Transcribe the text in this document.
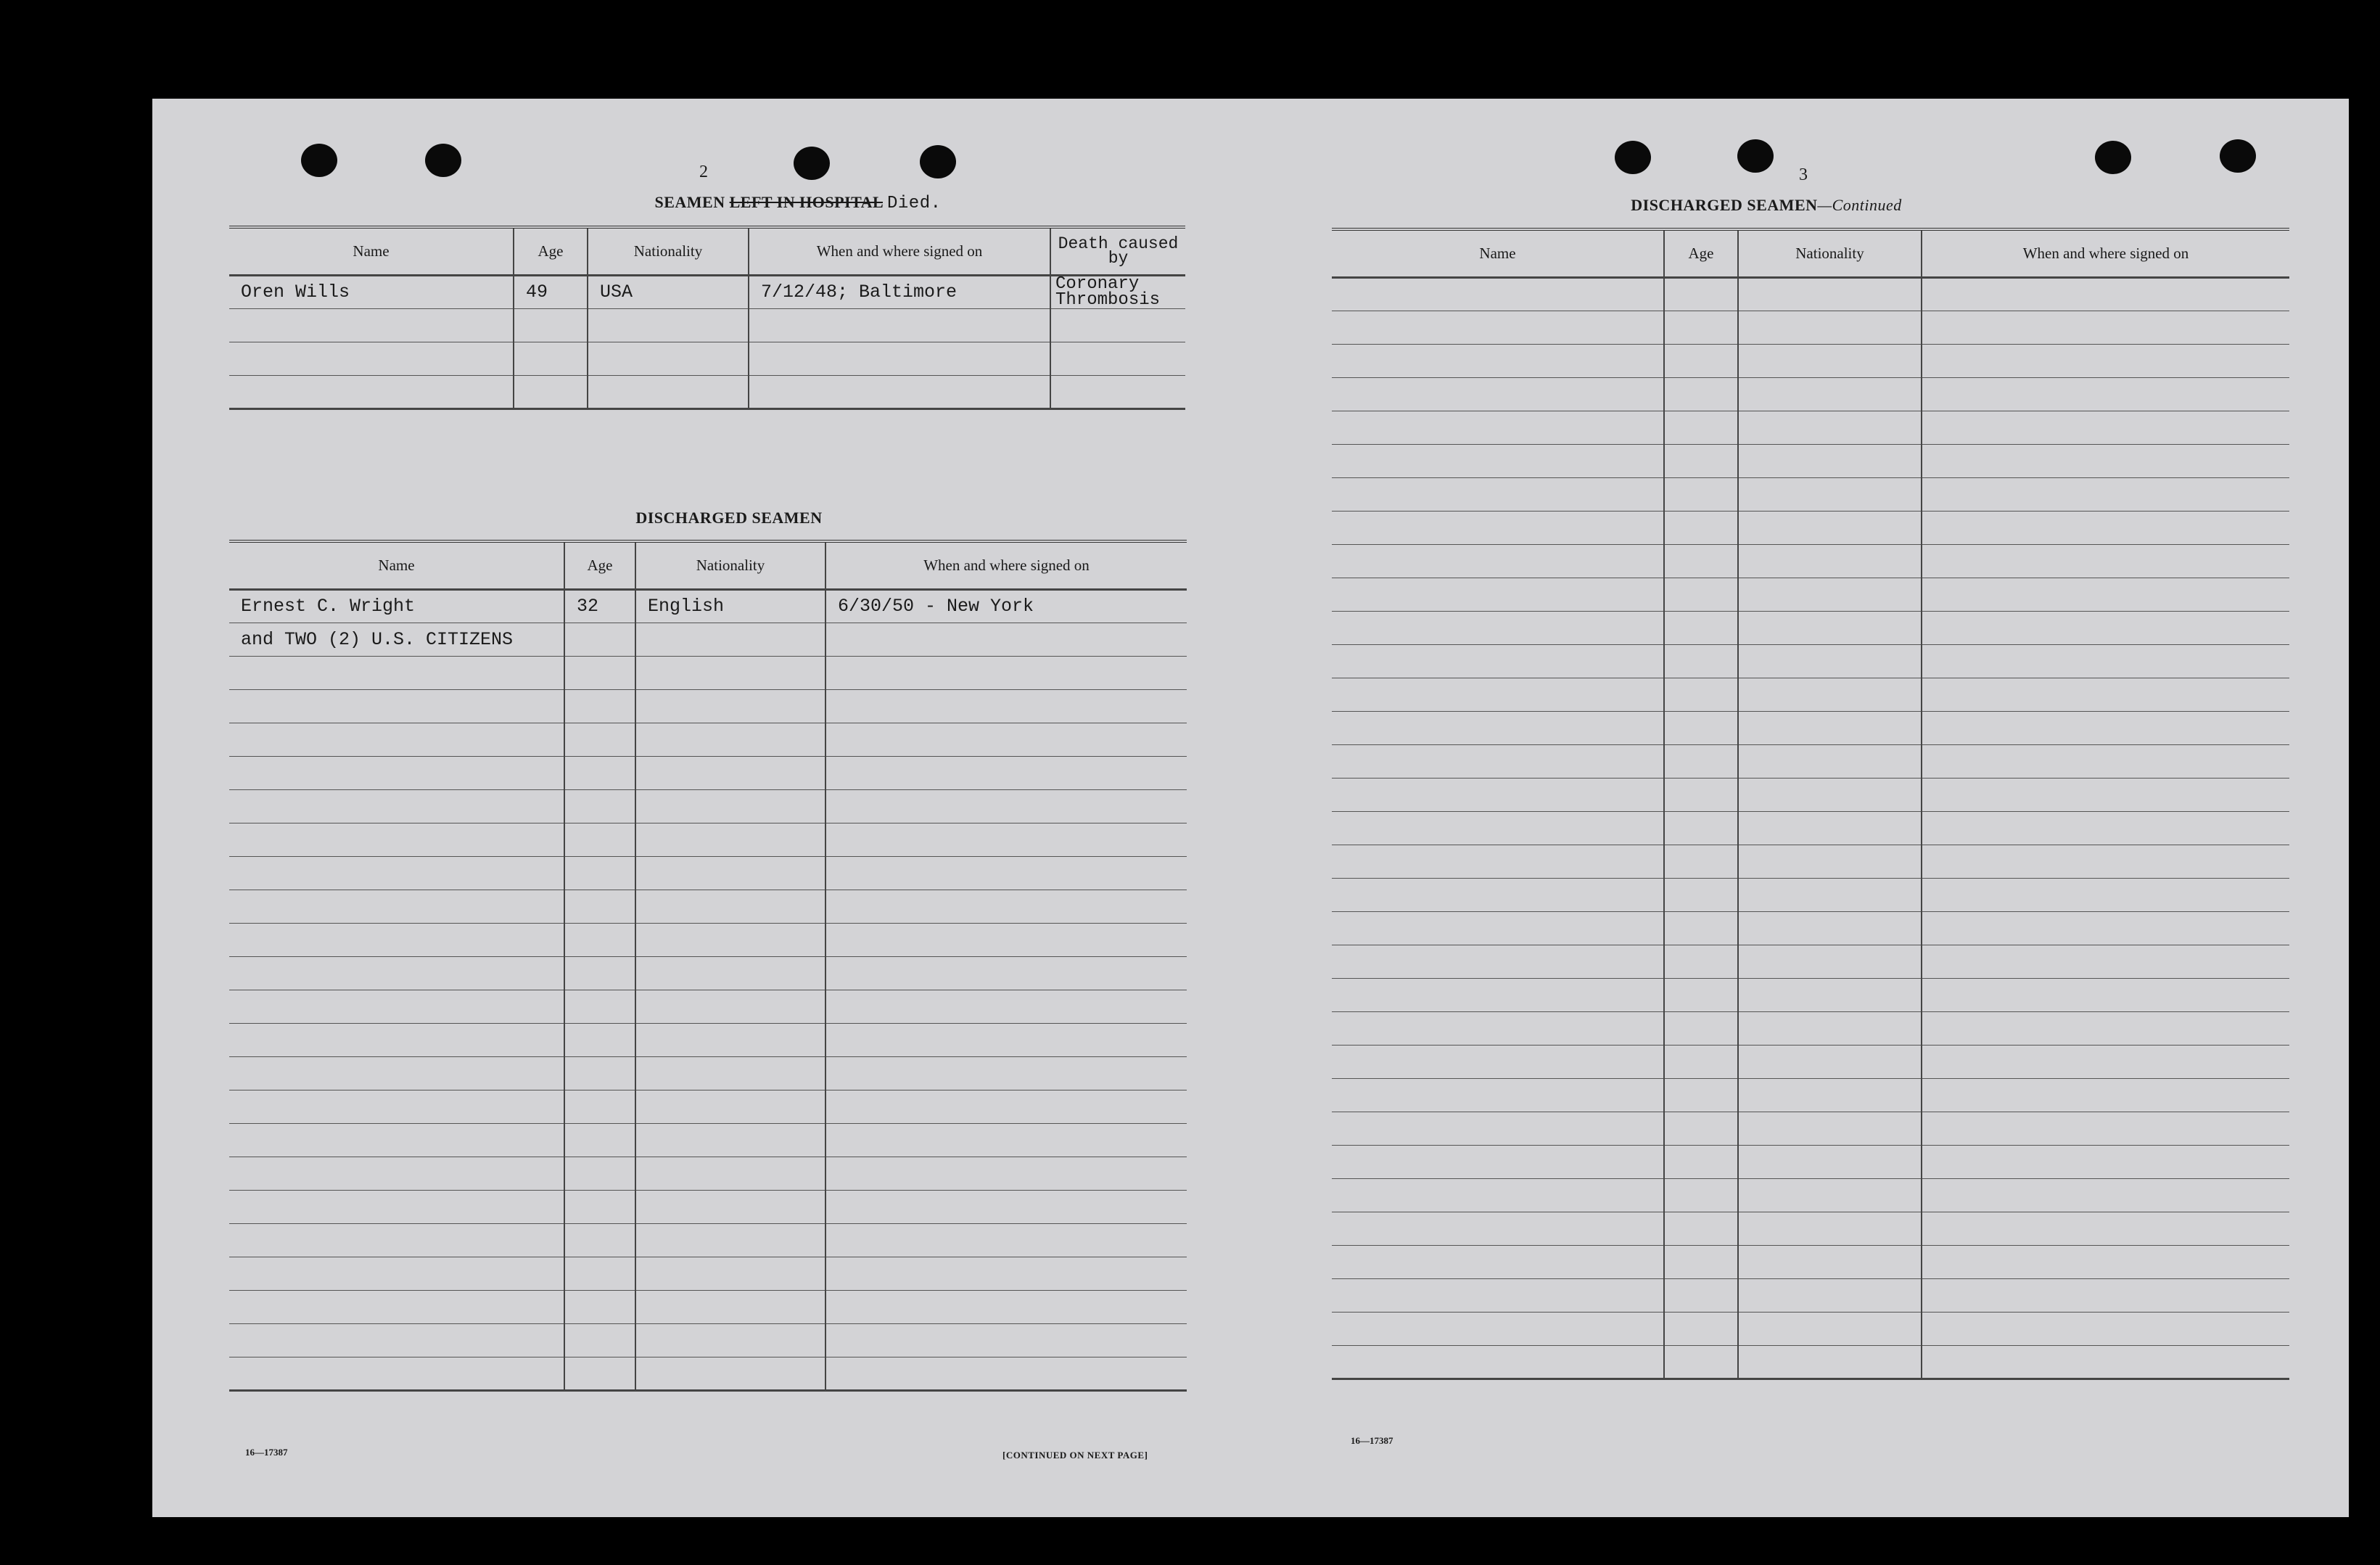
2
SEAMEN LEFT IN HOSPITAL Died.
Name	Age	Nationality	When and where signed on	Death caused
by

Oren Wills	49	USA	7/12/48; Baltimore	Coronary
Thrombosis

DISCHARGED SEAMEN
Name	Age	Nationality	When and where signed on
Ernest C. Wright	32	English	6/30/50 - New York
and TWO (2) U.S. CITIZENS			

16—17387	[CONTINUED ON NEXT PAGE]
3
DISCHARGED SEAMEN—Continued
Name	Age	Nationality	When and where signed on

16—17387
